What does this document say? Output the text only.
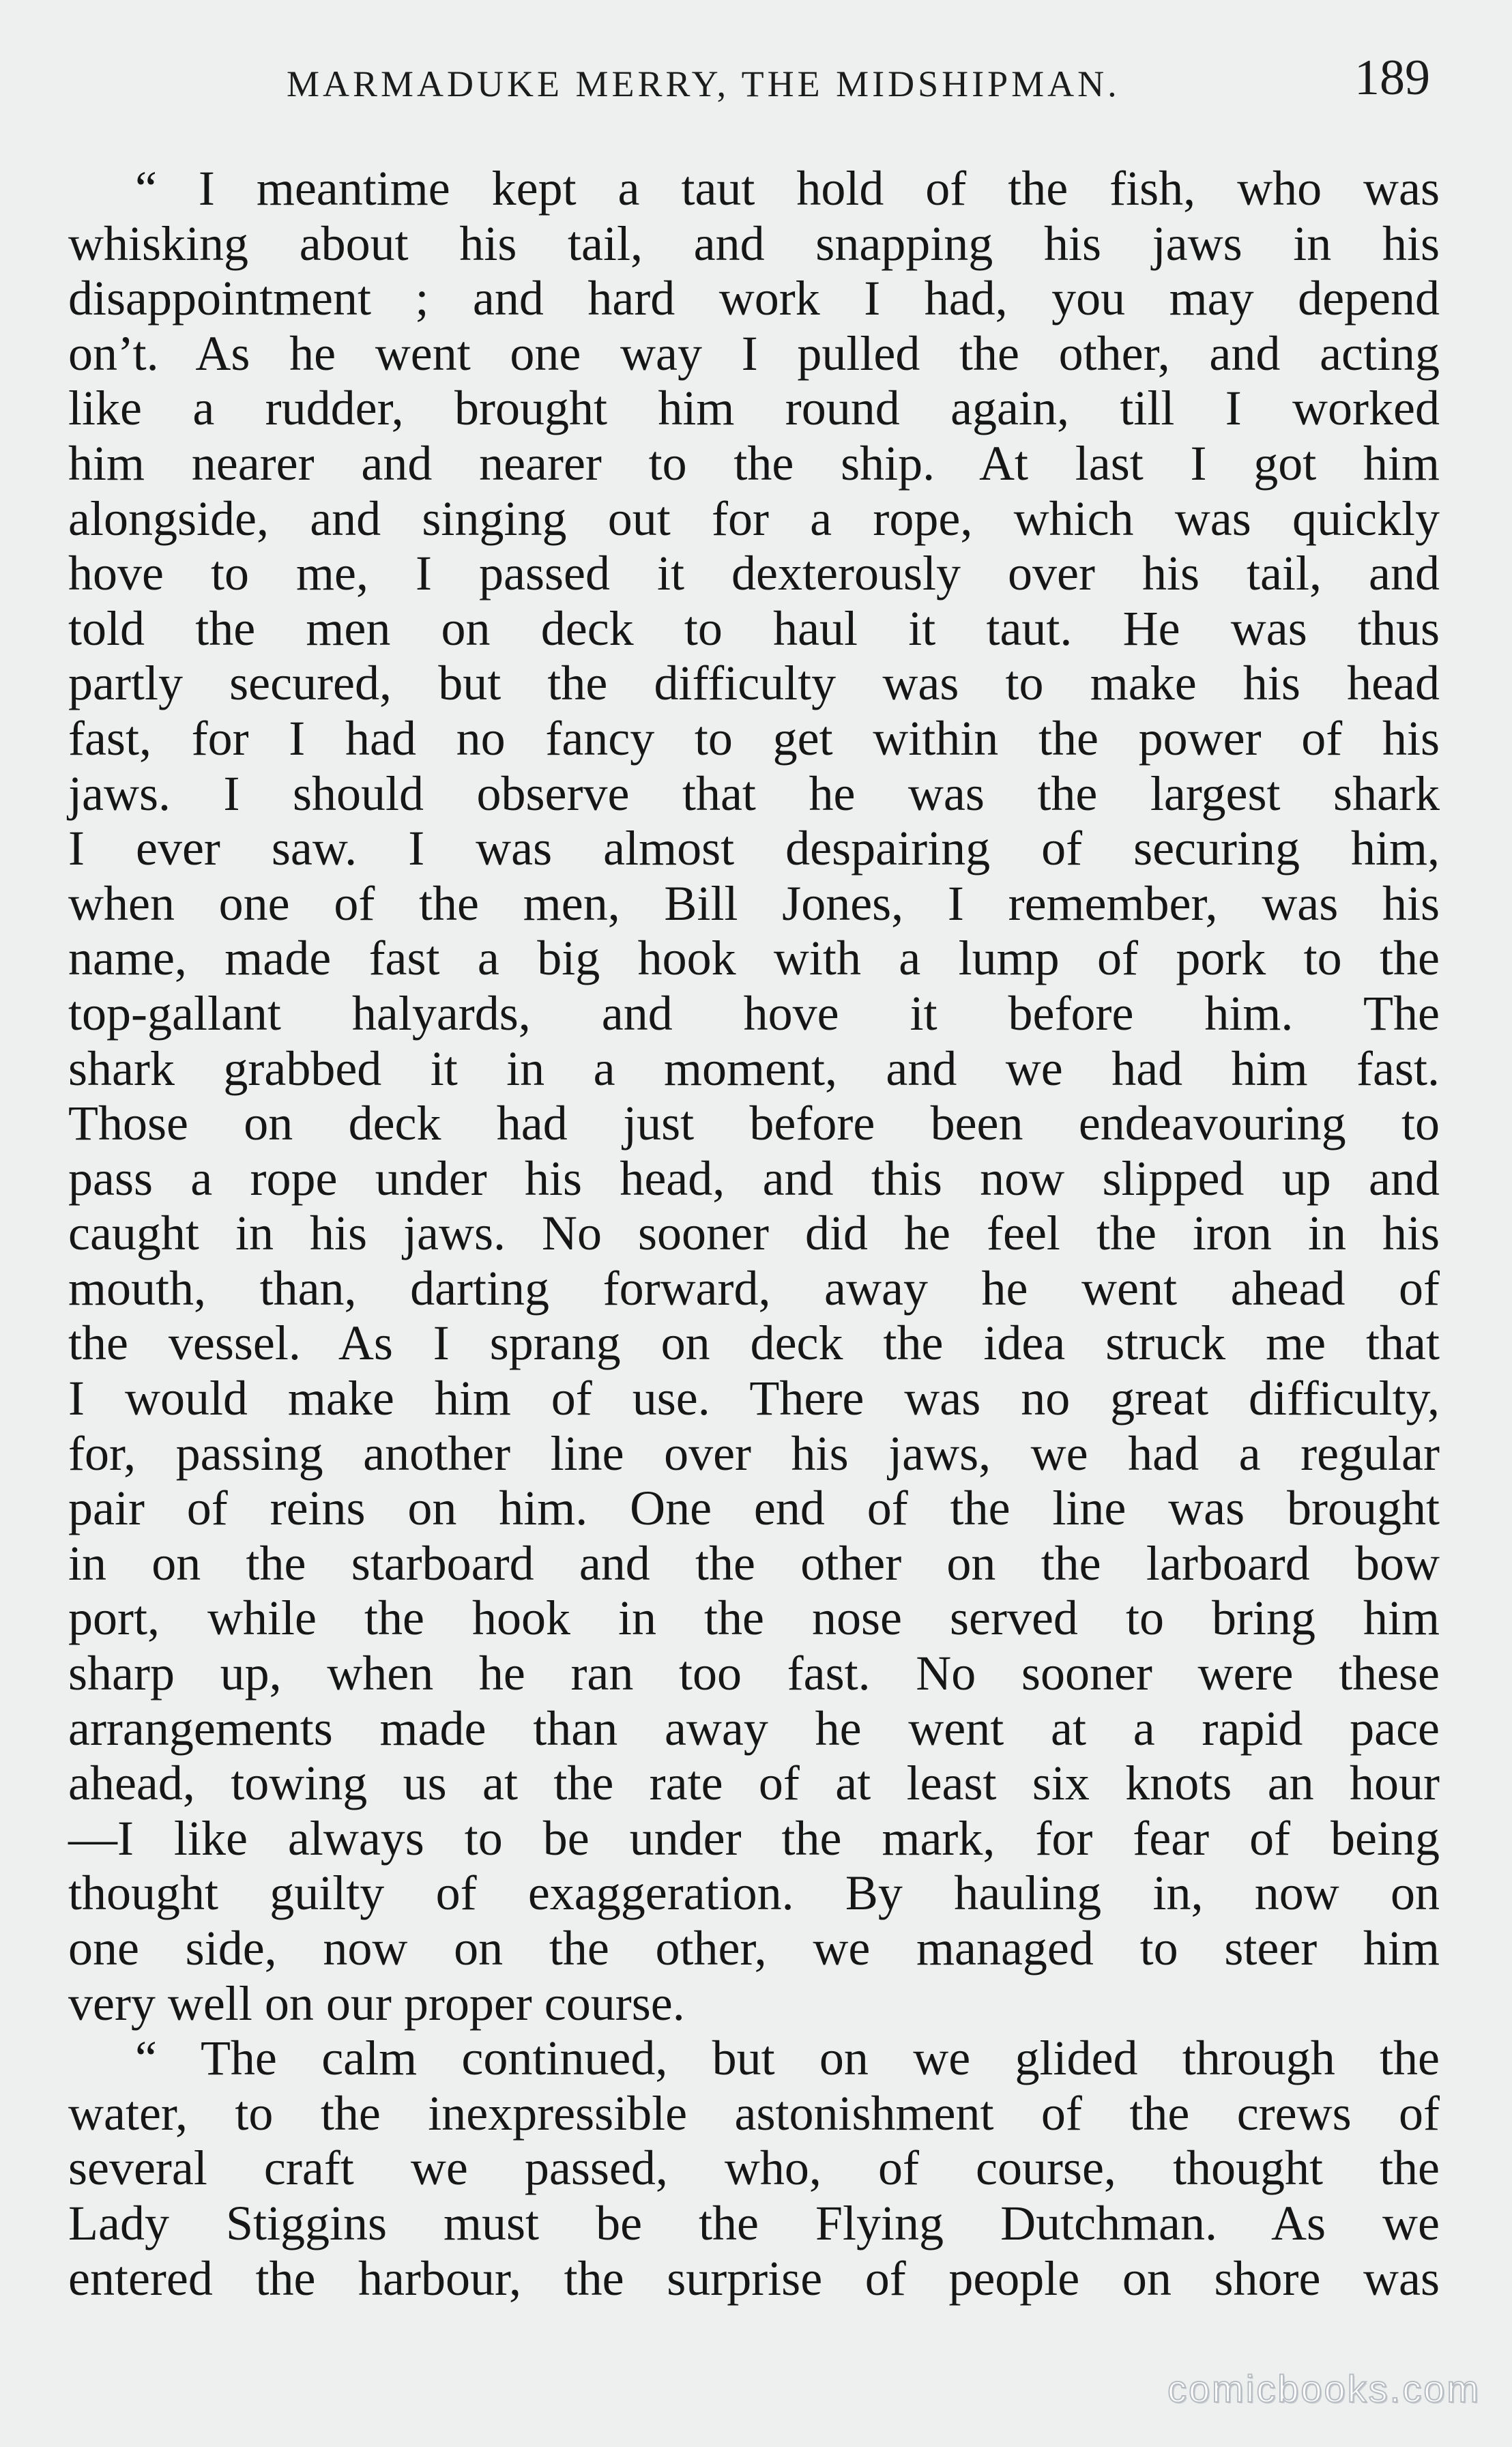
MARMADUKE MERRY, THE MIDSHIPMAN.	189
“ I meantime kept a taut hold of the fish, who was
whisking about his tail, and snapping his jaws in his
disappointment ; and hard work I had, you may depend
on’t. As he went one way I pulled the other, and acting
like a rudder, brought him round again, till I worked
him nearer and nearer to the ship. At last I got him
alongside, and singing out for a rope, which was quickly
hove to me, I passed it dexterously over his tail, and
told the men on deck to haul it taut. He was thus
partly secured, but the difficulty was to make his head
fast, for I had no fancy to get within the power of his
jaws. I should observe that he was the largest shark
I ever saw. I was almost despairing of securing him,
when one of the men, Bill Jones, I remember, was his
name, made fast a big hook with a lump of pork to the
top-gallant halyards, and hove it before him. The
shark grabbed it in a moment, and we had him fast.
Those on deck had just before been endeavouring to
pass a rope under his head, and this now slipped up and
caught in his jaws. No sooner did he feel the iron in his
mouth, than, darting forward, away he went ahead of
the vessel. As I sprang on deck the idea struck me that
I would make him of use. There was no great difficulty,
for, passing another line over his jaws, we had a regular
pair of reins on him. One end of the line was brought
in on the starboard and the other on the larboard bow
port, while the hook in the nose served to bring him
sharp up, when he ran too fast. No sooner were these
arrangements made than away he went at a rapid pace
ahead, towing us at the rate of at least six knots an hour
—I like always to be under the mark, for fear of being
thought guilty of exaggeration. By hauling in, now on
one side, now on the other, we managed to steer him
very well on our proper course.
“ The calm continued, but on we glided through the
water, to the inexpressible astonishment of the crews of
several craft we passed, who, of course, thought the
Lady Stiggins must be the Flying Dutchman. As we
entered the harbour, the surprise of people on shore was
comicbooks.com
